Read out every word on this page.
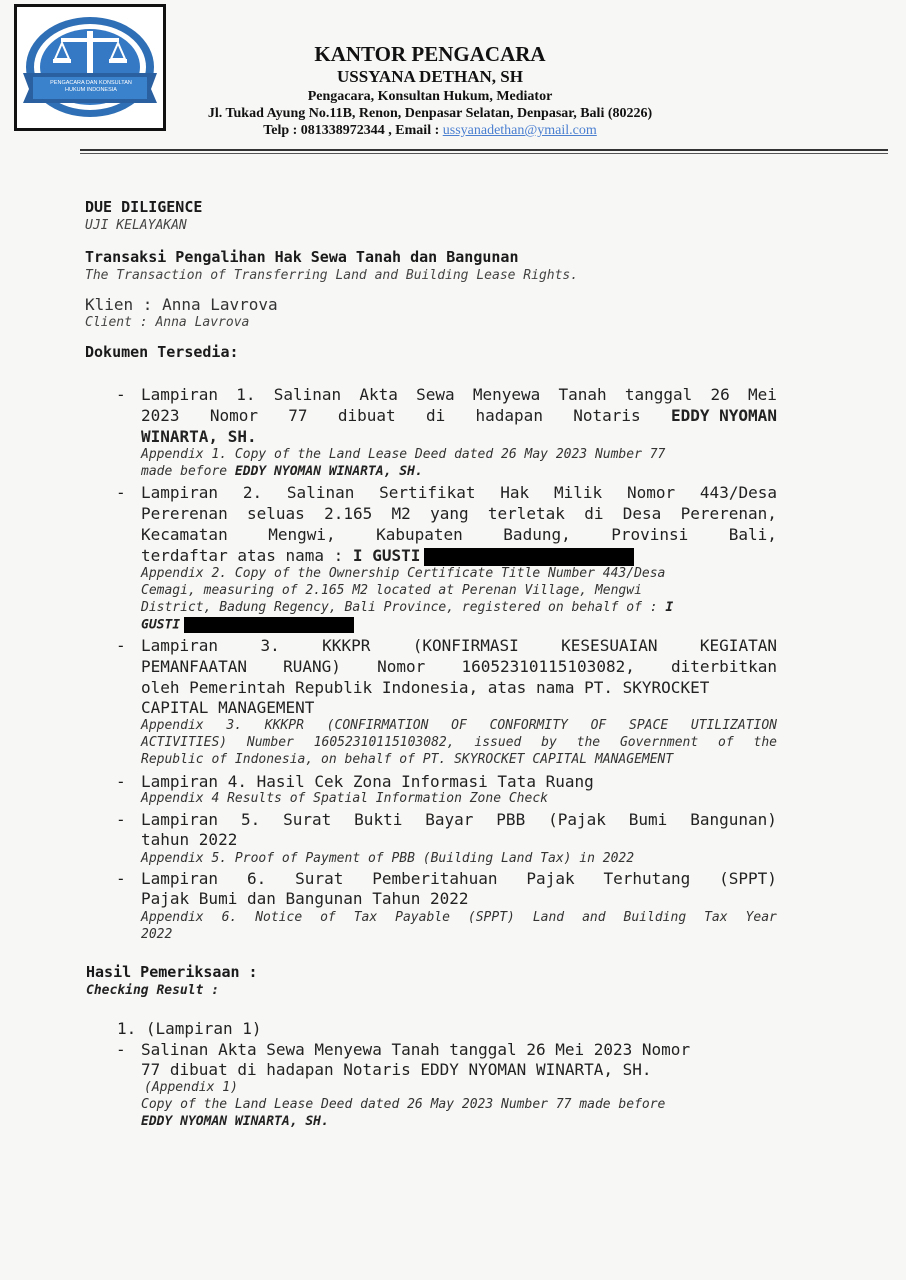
PENGACARA DAN KONSULTAN HUKUM INDONESIA
KANTOR PENGACARA
USSYANA DETHAN, SH
Pengacara, Konsultan Hukum, Mediator
Jl. Tukad Ayung No.11B, Renon, Denpasar Selatan, Denpasar, Bali (80226)
Telp : 081338972344 , Email : ussyanadethan@ymail.com
DUE DILIGENCE
UJI KELAYAKAN
Transaksi Pengalihan Hak Sewa Tanah dan Bangunan
The Transaction of Transferring Land and Building Lease Rights.
Klien : Anna Lavrova
Client : Anna Lavrova
Dokumen Tersedia:
- Lampiran 1. Salinan Akta Sewa Menyewa Tanah tanggal 26 Mei
2023 Nomor 77 dibuat di hadapan Notaris EDDY NYOMAN
WINARTA, SH.
Appendix 1. Copy of the Land Lease Deed dated 26 May 2023 Number 77
made before EDDY NYOMAN WINARTA, SH.
- Lampiran 2. Salinan Sertifikat Hak Milik Nomor 443/Desa
Pererenan seluas 2.165 M2 yang terletak di Desa Pererenan,
Kecamatan	Mengwi,	Kabupaten	Badung,	Provinsi	Bali,
terdaftar atas nama : I GUSTI
Appendix 2. Copy of the Ownership Certificate Title Number 443/Desa
Cemagi, measuring of 2.165 M2 located at Perenan Village, Mengwi
District, Badung Regency, Bali Province, registered on behalf of : I
GUSTI
- Lampiran	3.	KKKPR	(KONFIRMASI	KESESUAIAN	KEGIATAN
PEMANFAATAN RUANG) Nomor 16052310115103082, diterbitkan
oleh Pemerintah Republik Indonesia, atas nama PT. SKYROCKET
CAPITAL MANAGEMENT
Appendix 3. KKKPR (CONFIRMATION OF CONFORMITY OF SPACE UTILIZATION
ACTIVITIES) Number 16052310115103082, issued by the Government of the
Republic of Indonesia, on behalf of PT. SKYROCKET CAPITAL MANAGEMENT
- Lampiran 4. Hasil Cek Zona Informasi Tata Ruang
Appendix 4 Results of Spatial Information Zone Check
- Lampiran 5. Surat Bukti Bayar PBB (Pajak Bumi Bangunan)
tahun 2022
Appendix 5. Proof of Payment of PBB (Building Land Tax) in 2022
- Lampiran 6. Surat Pemberitahuan Pajak Terhutang (SPPT)
Pajak Bumi dan Bangunan Tahun 2022
Appendix 6. Notice of Tax Payable (SPPT) Land and Building Tax Year
2022
Hasil Pemeriksaan :
Checking Result :
1. (Lampiran 1)
- Salinan Akta Sewa Menyewa Tanah tanggal 26 Mei 2023 Nomor
77 dibuat di hadapan Notaris EDDY NYOMAN WINARTA, SH.
(Appendix 1)
Copy of the Land Lease Deed dated 26 May 2023 Number 77 made before
EDDY NYOMAN WINARTA, SH.
